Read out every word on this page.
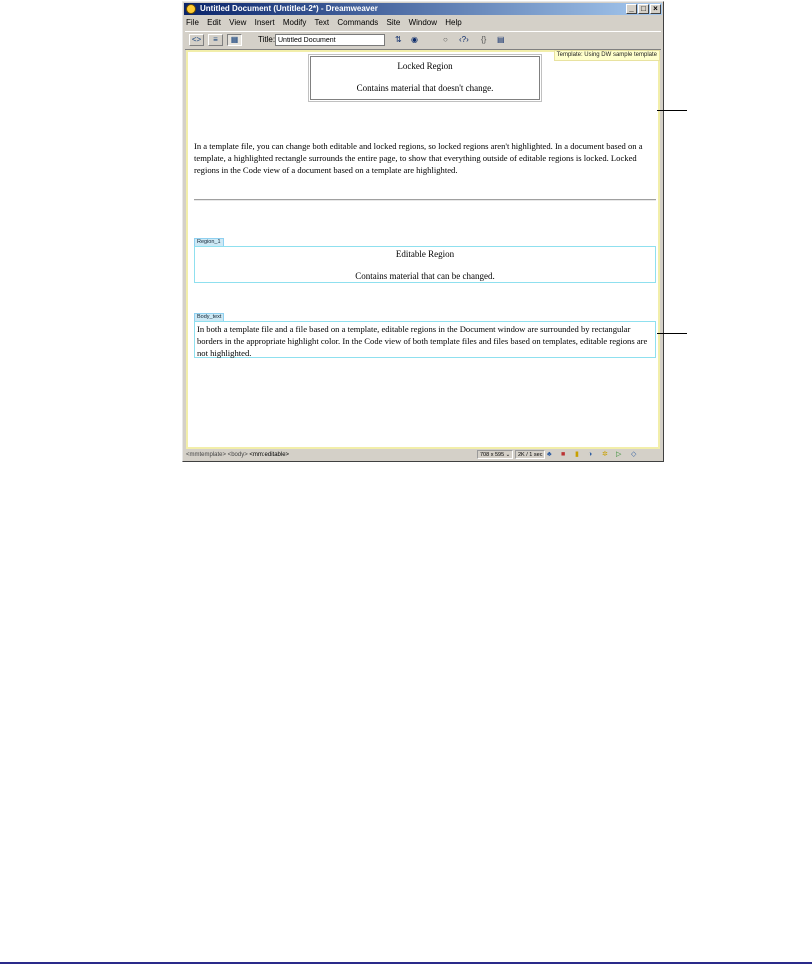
Untitled Document (Untitled-2*) - Dreamweaver	_ □ ×
File Edit View Insert Modify Text Commands Site Window Help
<>	≡	▦	Title:
Untitled Document	⇅ ◉	○ ‹?› {} ▤
Template: Using DW sample template
Locked Region
Contains material that doesn't change.
In a template file, you can change both editable and locked regions, so locked regions aren't highlighted. In a document based on a template, a highlighted rectangle surrounds the entire page, to show that everything outside of editable regions is locked. Locked regions in the Code view of a document based on a template are highlighted.
Region_1
Editable Region
Contains material that can be changed.
Body_text
In both a template file and a file based on a template, editable regions in the Document window are surrounded by rectangular borders in the appropriate highlight color. In the Code view of both template files and files based on templates, editable regions are not highlighted.
<mmtemplate> <body> <mm:editable>	708 x 595 ⌄	2K / 1 sec ♣ ■ ▮ ◑ ✲ ▷ ◇
